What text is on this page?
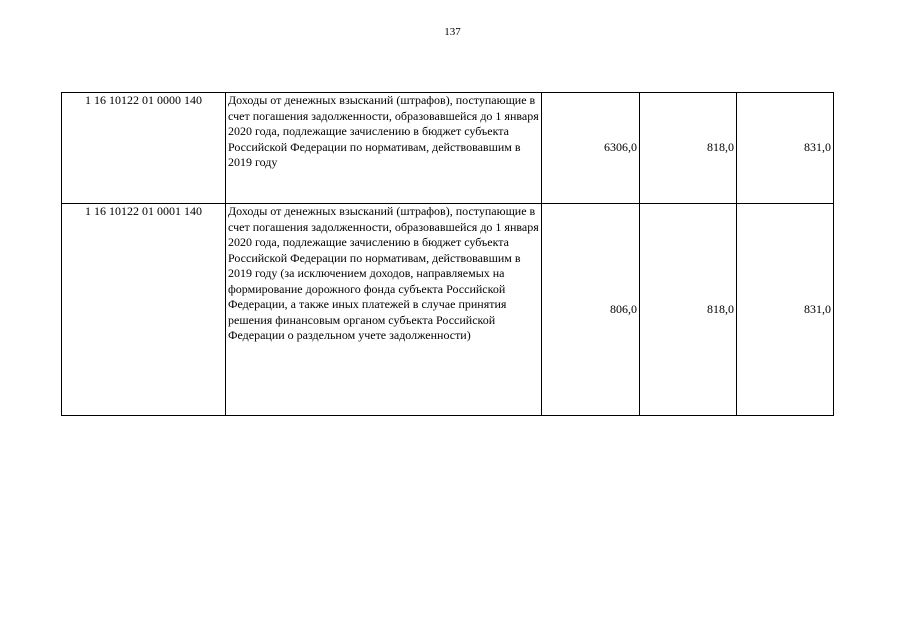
137
1 16 10122 01 0000 140	Доходы от денежных взысканий (штрафов), поступающие в счет погашения задолженности, образовавшейся до 1 января 2020 года, подлежащие зачислению в бюджет субъекта Российской Федерации по нормативам, действовавшим в 2019 году	6306,0	818,0	831,0
1 16 10122 01 0001 140	Доходы от денежных взысканий (штрафов), поступающие в счет погашения задолженности, образовавшейся до 1 января 2020 года, подлежащие зачислению в бюджет субъекта Российской Федерации по нормативам, действовавшим в 2019 году (за исключением доходов, направляемых на формирование дорожного фонда субъекта Российской Федерации, а также иных платежей в случае принятия решения финансовым органом субъекта Российской Федерации о раздельном учете задолженности)	806,0	818,0	831,0
